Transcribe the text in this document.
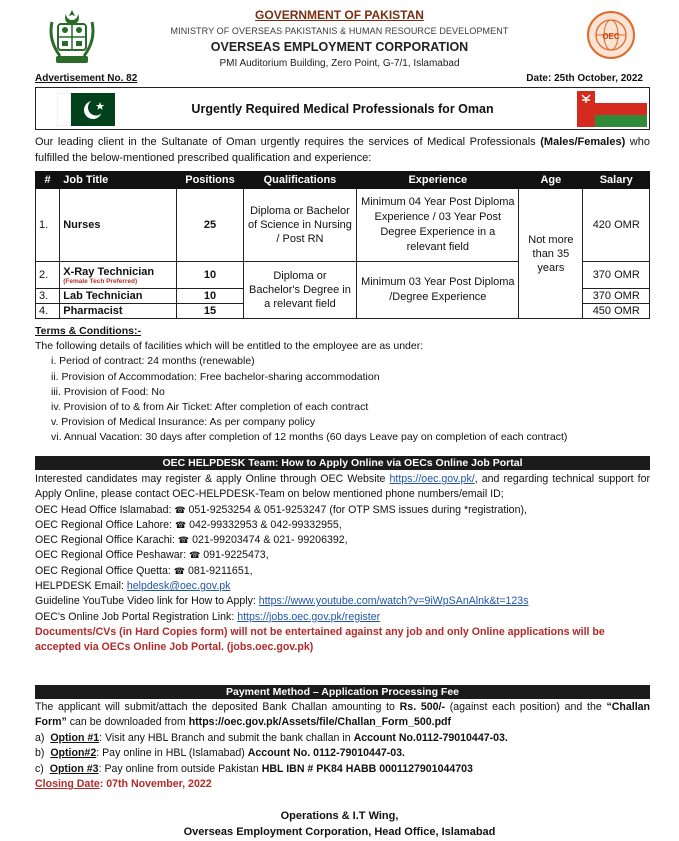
GOVERNMENT OF PAKISTAN
MINISTRY OF OVERSEAS PAKISTANIS & HUMAN RESOURCE DEVELOPMENT
OVERSEAS EMPLOYMENT CORPORATION
PMI Auditorium Building, Zero Point, G-7/1, Islamabad
OEC
Advertisement No. 82	Date: 25th October, 2022
Urgently Required Medical Professionals for Oman
Our leading client in the Sultanate of Oman urgently requires the services of Medical Professionals (Males/Females) who fulfilled the below-mentioned prescribed qualification and experience:
#	Job Title	Positions	Qualifications	Experience	Age	Salary
1.	Nurses	25	Diploma or Bachelor of Science in Nursing / Post RN	Minimum 04 Year Post Diploma Experience / 03 Year Post Degree Experience in a relevant field	Not more than 35 years	420 OMR
2.	X-Ray Technician
(Female Tech Preferred)	10	Diploma or Bachelor's Degree in a relevant field	Minimum 03 Year Post Diploma /Degree Experience		370 OMR
3.	Lab Technician	10				370 OMR
4.	Pharmacist	15				450 OMR
Terms & Conditions:-
The following details of facilities which will be entitled to the employee are as under:
i. Period of contract: 24 months (renewable)
ii. Provision of Accommodation: Free bachelor-sharing accommodation
iii. Provision of Food: No
iv. Provision of to & from Air Ticket: After completion of each contract
v. Provision of Medical Insurance: As per company policy
vi. Annual Vacation: 30 days after completion of 12 months (60 days Leave pay on completion of each contract)
OEC HELPDESK Team: How to Apply Online via OECs Online Job Portal
Interested candidates may register & apply Online through OEC Website https://oec.gov.pk/, and regarding technical support for Apply Online, please contact OEC-HELPDESK-Team on below mentioned phone numbers/email ID;
OEC Head Office Islamabad: ☎ 051-9253254 & 051-9253247 (for OTP SMS issues during *registration),
OEC Regional Office Lahore: ☎ 042-99332953 & 042-99332955,
OEC Regional Office Karachi: ☎ 021-99203474 & 021- 99206392,
OEC Regional Office Peshawar: ☎ 091-9225473,
OEC Regional Office Quetta: ☎ 081-9211651,
HELPDESK Email: helpdesk@oec.gov.pk
Guideline YouTube Video link for How to Apply: https://www.youtube.com/watch?v=9iWpSAnAlnk&t=123s
OEC's Online Job Portal Registration Link: https://jobs.oec.gov.pk/register
Documents/CVs (in Hard Copies form) will not be entertained against any job and only Online applications will be accepted via OECs Online Job Portal. (jobs.oec.gov.pk)
Payment Method – Application Processing Fee
The applicant will submit/attach the deposited Bank Challan amounting to Rs. 500/- (against each position) and the “Challan Form” can be downloaded from https://oec.gov.pk/Assets/file/Challan_Form_500.pdf
a) Option #1: Visit any HBL Branch and submit the bank challan in Account No.0112-79010447-03.
b) Option#2: Pay online in HBL (Islamabad) Account No. 0112-79010447-03.
c) Option #3: Pay online from outside Pakistan HBL IBN # PK84 HABB 0001127901044703
Closing Date: 07th November, 2022
Operations & I.T Wing,
Overseas Employment Corporation, Head Office, Islamabad
